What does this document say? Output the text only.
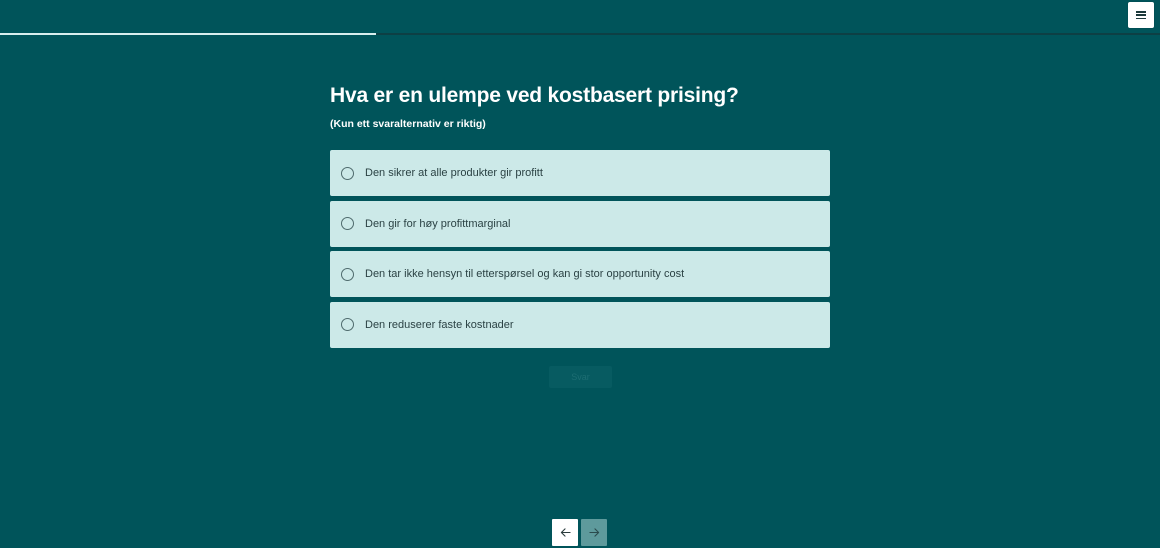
Hva er en ulempe ved kostbasert prising?
(Kun ett svaralternativ er riktig)
Den sikrer at alle produkter gir profitt
Den gir for høy profittmarginal
Den tar ikke hensyn til etterspørsel og kan gi stor opportunity cost
Den reduserer faste kostnader
Svar
